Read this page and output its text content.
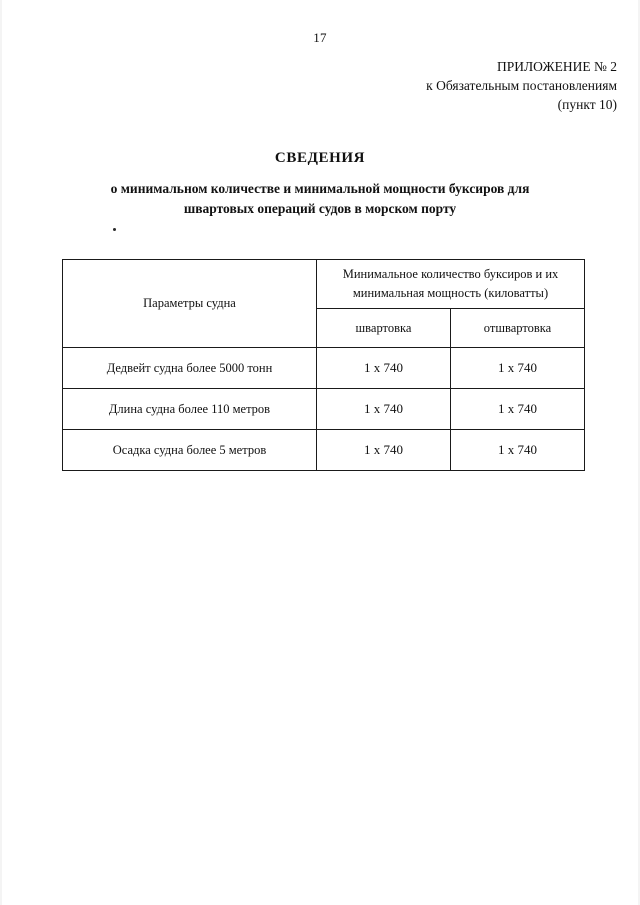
17
ПРИЛОЖЕНИЕ № 2
к Обязательным постановлениям
(пункт 10)
СВЕДЕНИЯ
о минимальном количестве и минимальной мощности буксиров для
швартовых операций судов в морском порту
Параметры судна	Минимальное количество буксиров и их минимальная мощность (киловатты)	
	швартовка	отшвартовка
Дедвейт судна более 5000 тонн	1 х 740	1 х 740
Длина судна более 110 метров	1 х 740	1 х 740
Осадка судна более 5 метров	1 х 740	1 х 740
